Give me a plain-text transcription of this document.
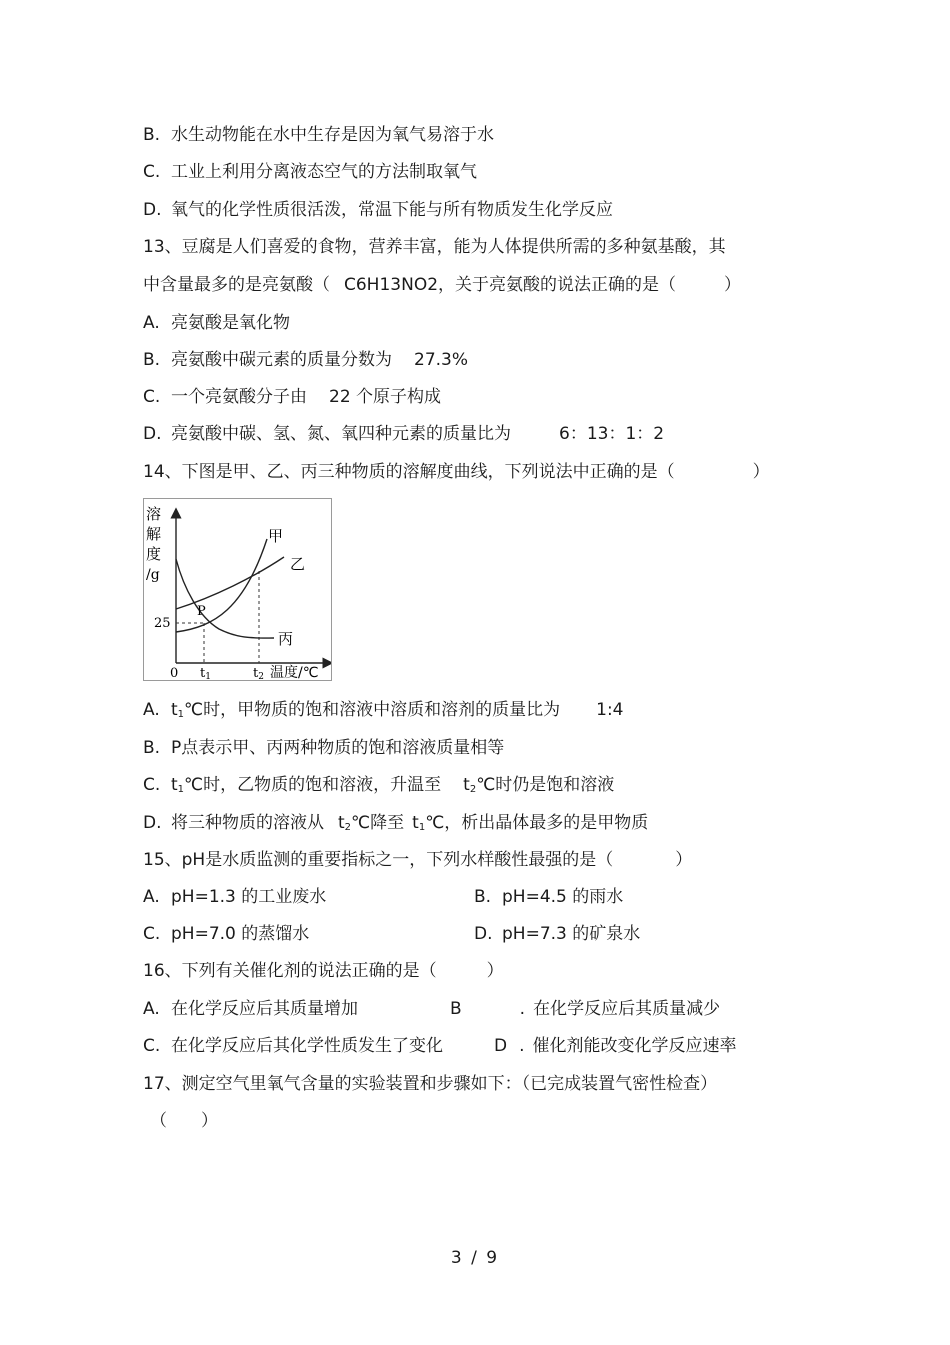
B. 水生动物能在水中生存是因为氧气易溶于水
C. 工业上利用分离液态空气的方法制取氧气
D. 氧气的化学性质很活泼，常温下能与所有物质发生化学反应
13、豆腐是人们喜爱的食物，营养丰富，能为人体提供所需的多种氨基酸，其
中含量最多的是亮氨酸（ C6H13NO2，关于亮氨酸的说法正确的是（	）
A. 亮氨酸是氧化物
B. 亮氨酸中碳元素的质量分数为 27.3%
C. 一个亮氨酸分子由 22 个原子构成
D. 亮氨酸中碳、氢、氮、氧四种元素的质量比为	6：13：1：2
14、下图是甲、乙、丙三种物质的溶解度曲线，下列说法中正确的是（	）
溶
解
度
/g
甲
乙
丙
P
25
0 t1	t2 温度/℃
A. $t_1℃$时，甲物质的饱和溶液中溶质和溶剂的质量比为 1:4
B. P点表示甲、丙两种物质的饱和溶液质量相等
C. $t_1℃$时，乙物质的饱和溶液，升温至 $t_2℃$时仍是饱和溶液
D. 将三种物质的溶液从 $t_2℃$降至 $t_1℃$，析出晶体最多的是甲物质
15、pH是水质监测的重要指标之一，下列水样酸性最强的是（	）
A. pH=1.3 的工业废水	B. pH=4.5 的雨水
C. pH=7.0 的蒸馏水	D. pH=7.3 的矿泉水
16、下列有关催化剂的说法正确的是（	）
A. 在化学反应后其质量增加	B	. 在化学反应后其质量减少
C. 在化学反应后其化学性质发生了变化	D . 催化剂能改变化学反应速率
17、测定空气里氧气含量的实验装置和步骤如下：（已完成装置气密性检查）
（　　）
3 / 9
